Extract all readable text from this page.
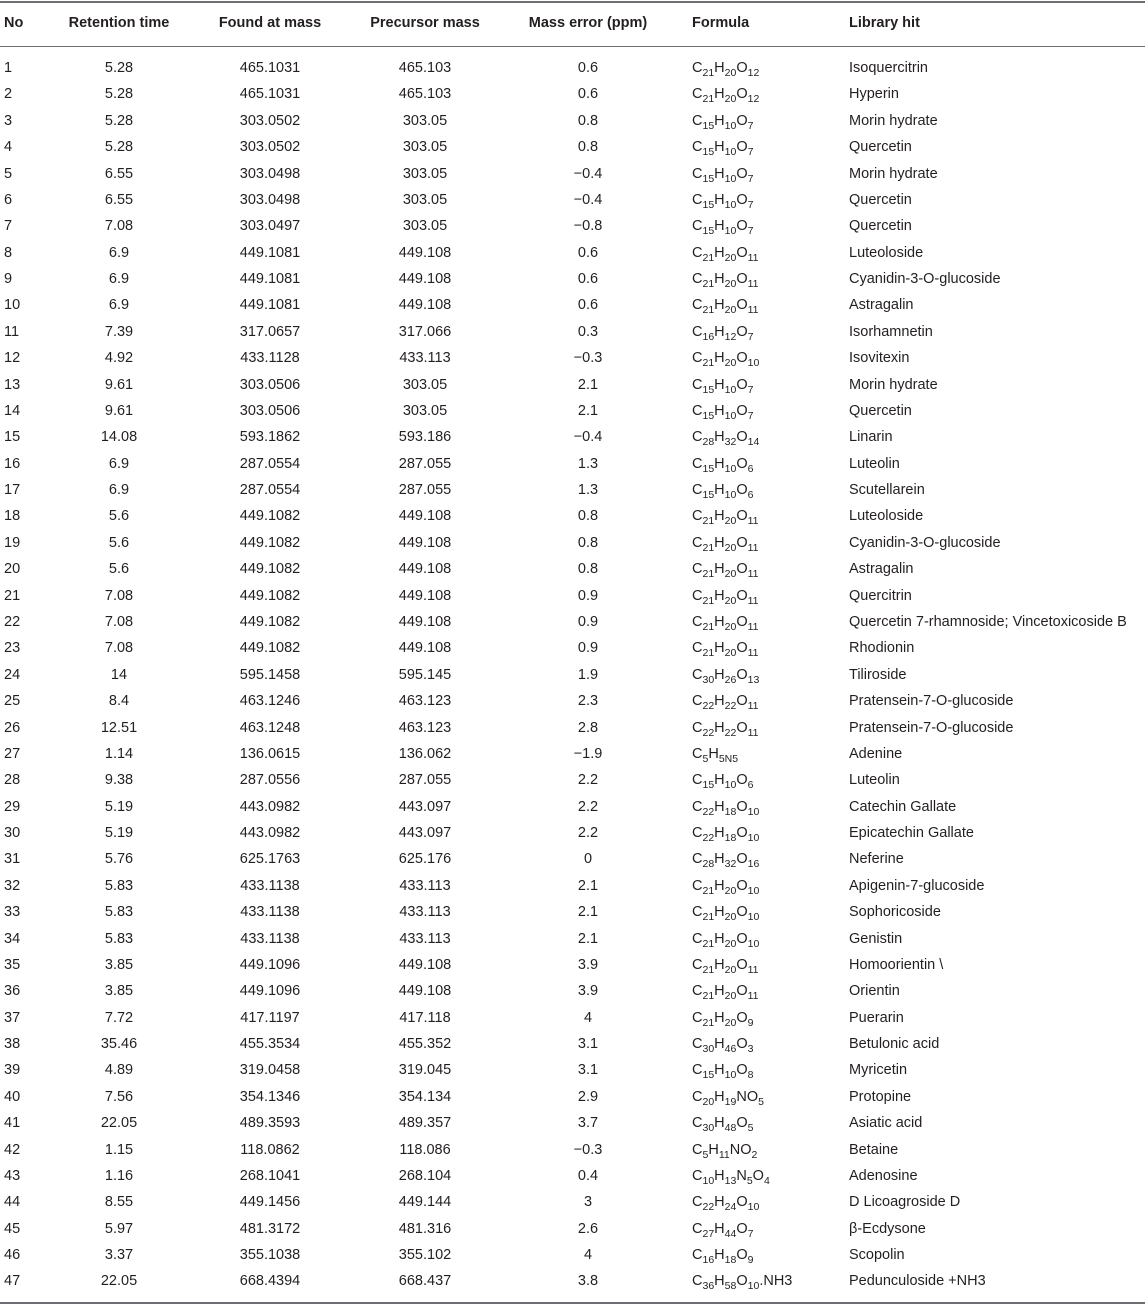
No	Retention time	Found at mass	Precursor mass	Mass error (ppm)	Formula	Library hit
1	5.28	465.1031	465.103	0.6	$C_{21}H_{20}O_{12}$	Isoquercitrin
2	5.28	465.1031	465.103	0.6	$C_{21}H_{20}O_{12}$	Hyperin
3	5.28	303.0502	303.05	0.8	$C_{15}H_{10}O_7$	Morin hydrate
4	5.28	303.0502	303.05	0.8	$C_{15}H_{10}O_7$	Quercetin
5	6.55	303.0498	303.05	−0.4	$C_{15}H_{10}O_7$	Morin hydrate
6	6.55	303.0498	303.05	−0.4	$C_{15}H_{10}O_7$	Quercetin
7	7.08	303.0497	303.05	−0.8	$C_{15}H_{10}O_7$	Quercetin
8	6.9	449.1081	449.108	0.6	$C_{21}H_{20}O_{11}$	Luteoloside
9	6.9	449.1081	449.108	0.6	$C_{21}H_{20}O_{11}$	Cyanidin-3-O-glucoside
10	6.9	449.1081	449.108	0.6	$C_{21}H_{20}O_{11}$	Astragalin
11	7.39	317.0657	317.066	0.3	$C_{16}H_{12}O_7$	Isorhamnetin
12	4.92	433.1128	433.113	−0.3	$C_{21}H_{20}O_{10}$	Isovitexin
13	9.61	303.0506	303.05	2.1	$C_{15}H_{10}O_7$	Morin hydrate
14	9.61	303.0506	303.05	2.1	$C_{15}H_{10}O_7$	Quercetin
15	14.08	593.1862	593.186	−0.4	$C_{28}H_{32}O_{14}$	Linarin
16	6.9	287.0554	287.055	1.3	$C_{15}H_{10}O_6$	Luteolin
17	6.9	287.0554	287.055	1.3	$C_{15}H_{10}O_6$	Scutellarein
18	5.6	449.1082	449.108	0.8	$C_{21}H_{20}O_{11}$	Luteoloside
19	5.6	449.1082	449.108	0.8	$C_{21}H_{20}O_{11}$	Cyanidin-3-O-glucoside
20	5.6	449.1082	449.108	0.8	$C_{21}H_{20}O_{11}$	Astragalin
21	7.08	449.1082	449.108	0.9	$C_{21}H_{20}O_{11}$	Quercitrin
22	7.08	449.1082	449.108	0.9	$C_{21}H_{20}O_{11}$	Quercetin 7-rhamnoside; Vincetoxicoside B
23	7.08	449.1082	449.108	0.9	$C_{21}H_{20}O_{11}$	Rhodionin
24	14	595.1458	595.145	1.9	$C_{30}H_{26}O_{13}$	Tiliroside
25	8.4	463.1246	463.123	2.3	$C_{22}H_{22}O_{11}$	Pratensein-7-O-glucoside
26	12.51	463.1248	463.123	2.8	$C_{22}H_{22}O_{11}$	Pratensein-7-O-glucoside
27	1.14	136.0615	136.062	−1.9	$C_5H_{5N5}$	Adenine
28	9.38	287.0556	287.055	2.2	$C_{15}H_{10}O_6$	Luteolin
29	5.19	443.0982	443.097	2.2	$C_{22}H_{18}O_{10}$	Catechin Gallate
30	5.19	443.0982	443.097	2.2	$C_{22}H_{18}O_{10}$	Epicatechin Gallate
31	5.76	625.1763	625.176	0	$C_{28}H_{32}O_{16}$	Neferine
32	5.83	433.1138	433.113	2.1	$C_{21}H_{20}O_{10}$	Apigenin-7-glucoside
33	5.83	433.1138	433.113	2.1	$C_{21}H_{20}O_{10}$	Sophoricoside
34	5.83	433.1138	433.113	2.1	$C_{21}H_{20}O_{10}$	Genistin
35	3.85	449.1096	449.108	3.9	$C_{21}H_{20}O_{11}$	Homoorientin \
36	3.85	449.1096	449.108	3.9	$C_{21}H_{20}O_{11}$	Orientin
37	7.72	417.1197	417.118	4	$C_{21}H_{20}O_9$	Puerarin
38	35.46	455.3534	455.352	3.1	$C_{30}H_{46}O_3$	Betulonic acid
39	4.89	319.0458	319.045	3.1	$C_{15}H_{10}O_8$	Myricetin
40	7.56	354.1346	354.134	2.9	$C_{20}H_{19}NO_5$	Protopine
41	22.05	489.3593	489.357	3.7	$C_{30}H_{48}O_5$	Asiatic acid
42	1.15	118.0862	118.086	−0.3	$C_5H_{11}NO_2$	Betaine
43	1.16	268.1041	268.104	0.4	$C_{10}H_{13}N_5O_4$	Adenosine
44	8.55	449.1456	449.144	3	$C_{22}H_{24}O_{10}$	D Licoagroside D
45	5.97	481.3172	481.316	2.6	$C_{27}H_{44}O_7$	β-Ecdysone
46	3.37	355.1038	355.102	4	$C_{16}H_{18}O_9$	Scopolin
47	22.05	668.4394	668.437	3.8	$C_{36}H_{58}O_{10}.NH3$	Pedunculoside +NH3
